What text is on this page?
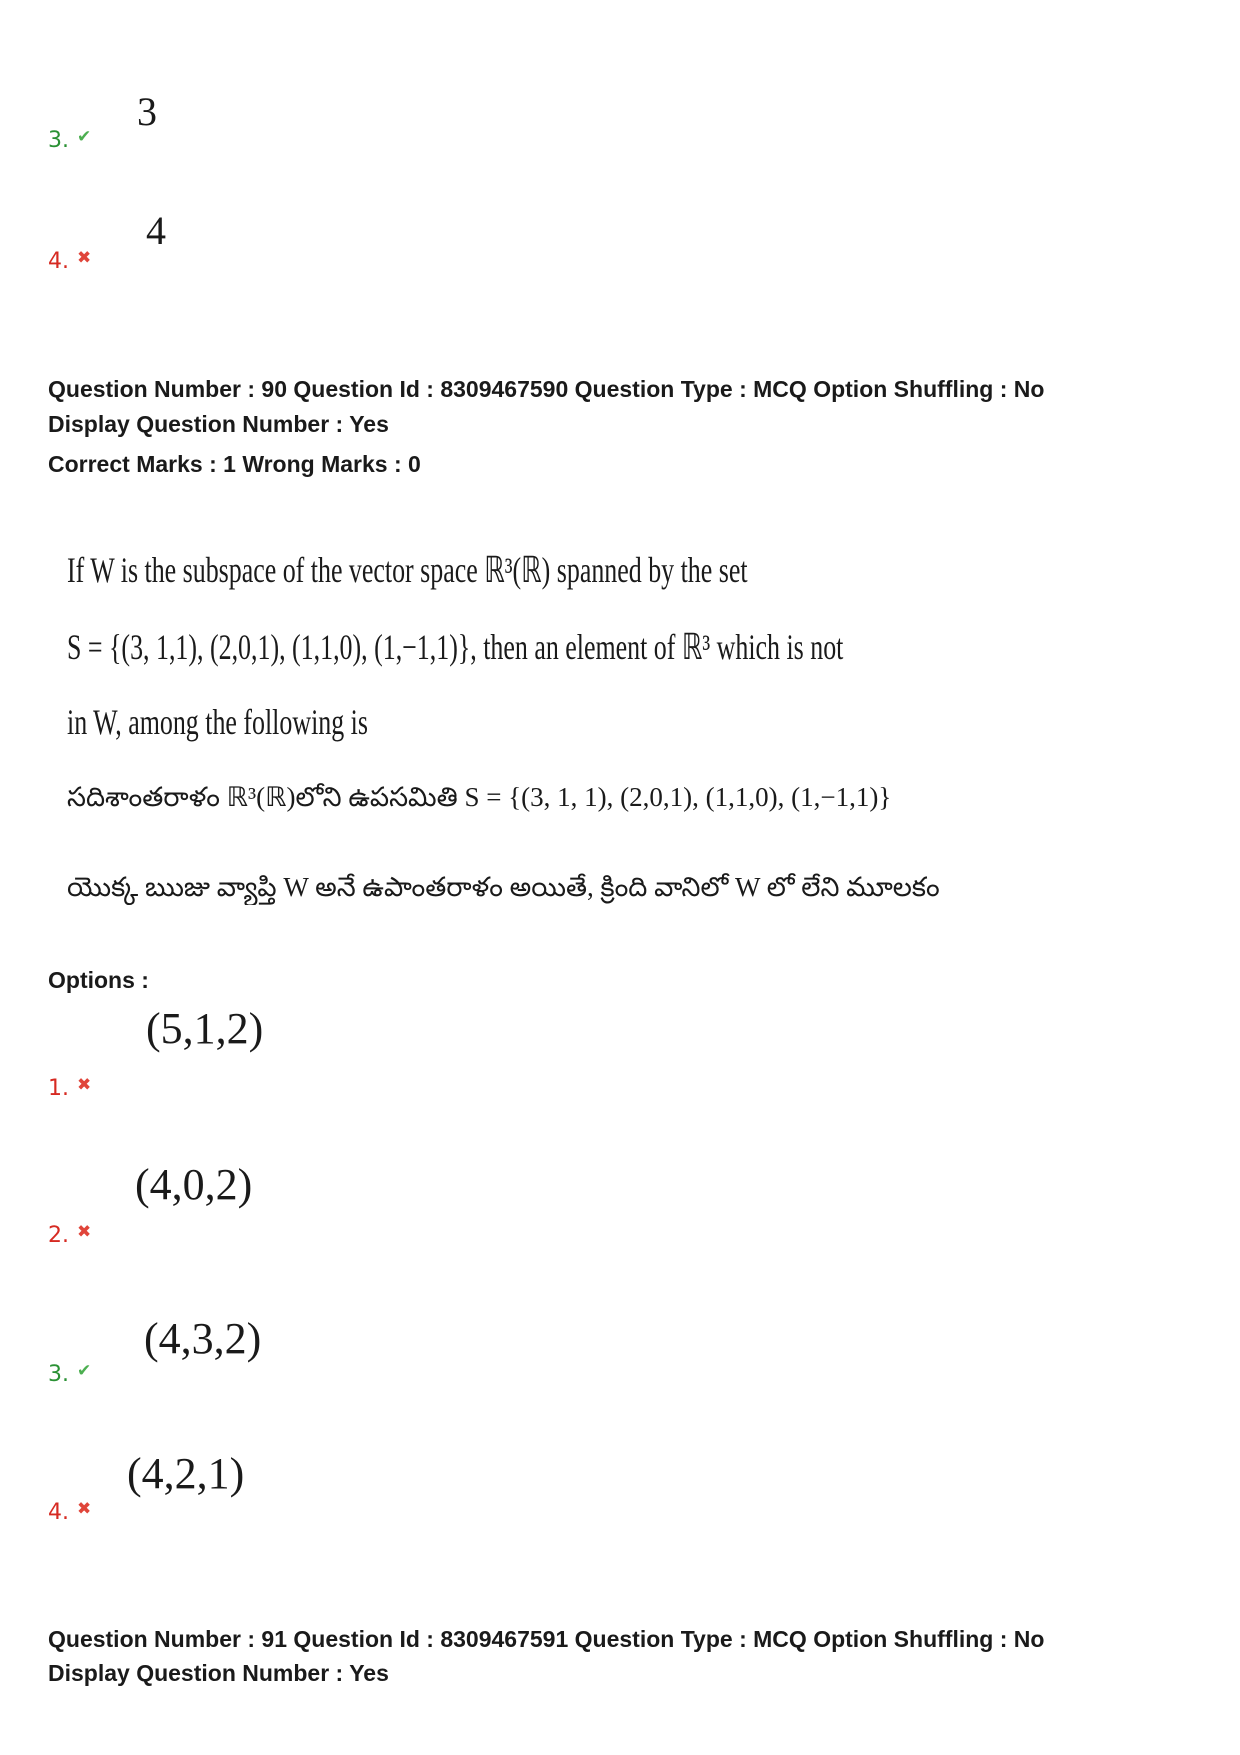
3
3.
✔
4
4.
✖
Question Number : 90 Question Id : 8309467590 Question Type : MCQ Option Shuffling : No
Display Question Number : Yes
Correct Marks : 1 Wrong Marks : 0
If W is the subspace of the vector space ℝ³(ℝ) spanned by the set
S = {(3, 1,1), (2,0,1), (1,1,0), (1,−1,1)}, then an element of ℝ³ which is not
in W, among the following is
సదిశాంతరాళం ℝ³(ℝ)లోని ఉపసమితి S = {(3, 1, 1), (2,0,1), (1,1,0), (1,−1,1)}
యొక్క ఋజు వ్యాప్తి W అనే ఉపాంతరాళం అయితే, క్రింది వానిలో W లో లేని మూలకం
Options :
(5,1,2)
1.
✖
(4,0,2)
2.
✖
(4,3,2)
3.
✔
(4,2,1)
4.
✖
Question Number : 91 Question Id : 8309467591 Question Type : MCQ Option Shuffling : No
Display Question Number : Yes
